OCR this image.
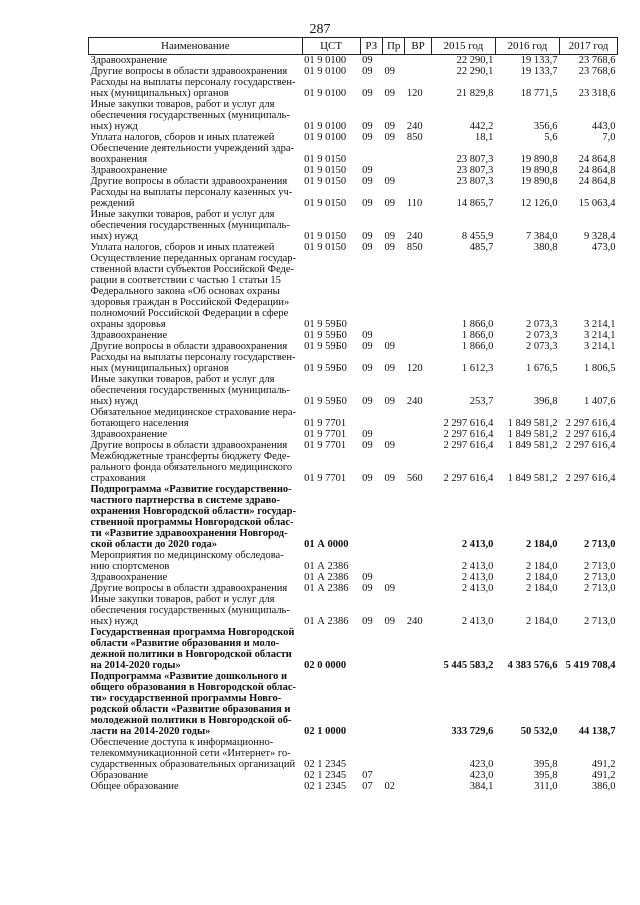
287
Наименование	ЦСТ	РЗ	Пр	ВР	2015 год	2016 год	2017 год
Здравоохранение	01 9 0100	09			22 290,1	19 133,7	23 768,6
Другие вопросы в области здравоохранения	01 9 0100	09	09		22 290,1	19 133,7	23 768,6
Расходы на выплаты персоналу государствен-ных (муниципальных) органов	01 9 0100	09	09	120	21 829,8	18 771,5	23 318,6
Иные закупки товаров, работ и услуг для обеспечения государственных (муниципаль-ных) нужд	01 9 0100	09	09	240	442,2	356,6	443,0
Уплата налогов, сборов и иных платежей	01 9 0100	09	09	850	18,1	5,6	7,0
Обеспечение деятельности учреждений здра-воохранения	01 9 0150				23 807,3	19 890,8	24 864,8
Здравоохранение	01 9 0150	09			23 807,3	19 890,8	24 864,8
Другие вопросы в области здравоохранения	01 9 0150	09	09		23 807,3	19 890,8	24 864,8
Расходы на выплаты персоналу казенных уч-реждений	01 9 0150	09	09	110	14 865,7	12 126,0	15 063,4
Иные закупки товаров, работ и услуг для обеспечения государственных (муниципаль-ных) нужд	01 9 0150	09	09	240	8 455,9	7 384,0	9 328,4
Уплата налогов, сборов и иных платежей	01 9 0150	09	09	850	485,7	380,8	473,0
Осуществление переданных органам государ-ственной власти субъектов Российской Феде-рации в соответствии с частью 1 статьи 15 Федерального закона «Об основах охраны здоровья граждан в Российской Федерации» полномочий Российской Федерации в сфере охраны здоровья	01 9 59Б0				1 866,0	2 073,3	3 214,1
Здравоохранение	01 9 59Б0	09			1 866,0	2 073,3	3 214,1
Другие вопросы в области здравоохранения	01 9 59Б0	09	09		1 866,0	2 073,3	3 214,1
Расходы на выплаты персоналу государствен-ных (муниципальных) органов	01 9 59Б0	09	09	120	1 612,3	1 676,5	1 806,5
Иные закупки товаров, работ и услуг для обеспечения государственных (муниципаль-ных) нужд	01 9 59Б0	09	09	240	253,7	396,8	1 407,6
Обязательное медицинское страхование нера-ботающего населения	01 9 7701				2 297 616,4	1 849 581,2	2 297 616,4
Здравоохранение	01 9 7701	09			2 297 616,4	1 849 581,2	2 297 616,4
Другие вопросы в области здравоохранения	01 9 7701	09	09		2 297 616,4	1 849 581,2	2 297 616,4
Межбюджетные трансферты бюджету Феде-рального фонда обязательного медицинского страхования	01 9 7701	09	09	560	2 297 616,4	1 849 581,2	2 297 616,4
Подпрограмма «Развитие государственно-частного партнерства в системе здраво-охранения Новгородской области» государ-ственной программы Новгородской облас-ти «Развитие здравоохранения Новгород-ской области до 2020 года»	01 А 0000				2 413,0	2 184,0	2 713,0
Мероприятия по медицинскому обследова-нию спортсменов	01 А 2386				2 413,0	2 184,0	2 713,0
Здравоохранение	01 А 2386	09			2 413,0	2 184,0	2 713,0
Другие вопросы в области здравоохранения	01 А 2386	09	09		2 413,0	2 184,0	2 713,0
Иные закупки товаров, работ и услуг для обеспечения государственных (муниципаль-ных) нужд	01 А 2386	09	09	240	2 413,0	2 184,0	2 713,0
Государственная программа Новгородской области «Развитие образования и моло-дежной политики в Новгородской области на 2014-2020 годы»	02 0 0000				5 445 583,2	4 383 576,6	5 419 708,4
Подпрограмма «Развитие дошкольного и общего образования в Новгородской облас-ти» государственной программы Новго-родской области «Развитие образования и молодежной политики в Новгородской об-ласти на 2014-2020 годы»	02 1 0000				333 729,6	50 532,0	44 138,7
Обеспечение доступа к информационно-телекоммуникационной сети «Интернет» го-сударственных образовательных организаций	02 1 2345				423,0	395,8	491,2
Образование	02 1 2345	07			423,0	395,8	491,2
Общее образование	02 1 2345	07	02		384,1	311,0	386,0
